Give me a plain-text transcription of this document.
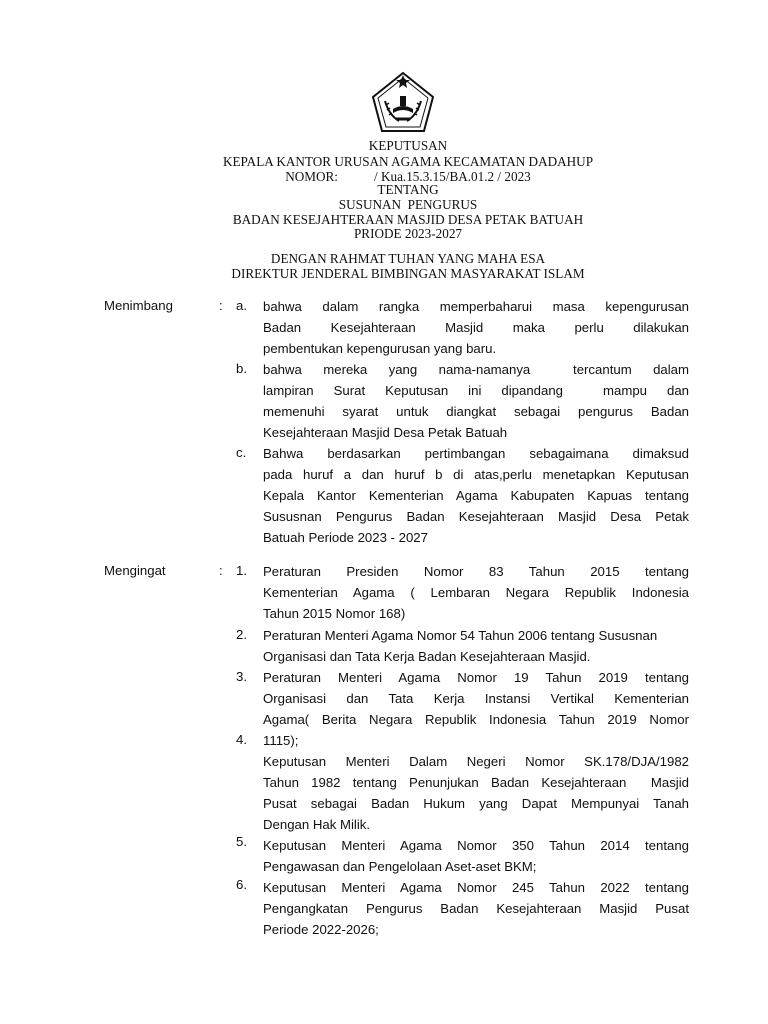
KEPUTUSAN
KEPALA KANTOR URUSAN AGAMA KECAMATAN DADAHUP
NOMOR:	/ Kua.15.3.15/BA.01.2 / 2023
TENTANG
SUSUNAN  PENGURUS
BADAN KESEJAHTERAAN MASJID DESA PETAK BATUAH
PRIODE 2023-2027
DENGAN RAHMAT TUHAN YANG MAHA ESA
DIREKTUR JENDERAL BIMBINGAN MASYARAKAT ISLAM
Menimbang	: a. bahwa dalam rangka memperbaharui masa kepengurusan
Badan Kesejahteraan Masjid maka perlu dilakukan
pembentukan kepengurusan yang baru.
b. bahwa mereka yang nama-namanya  tercantum dalam
lampiran Surat Keputusan ini dipandang  mampu dan
memenuhi syarat untuk diangkat sebagai pengurus Badan
Kesejahteraan Masjid Desa Petak Batuah
c. Bahwa berdasarkan pertimbangan sebagaimana dimaksud
pada huruf a dan huruf b di atas,perlu menetapkan Keputusan
Kepala Kantor Kementerian Agama Kabupaten Kapuas tentang
Sususnan Pengurus Badan Kesejahteraan Masjid Desa Petak
Batuah Periode 2023 - 2027
Mengingat	: 1. Peraturan Presiden Nomor 83 Tahun 2015 tentang
Kementerian Agama ( Lembaran Negara Republik Indonesia
Tahun 2015 Nomor 168)
2. Peraturan Menteri Agama Nomor 54 Tahun 2006 tentang Sususnan
Organisasi dan Tata Kerja Badan Kesejahteraan Masjid.
3. Peraturan Menteri Agama Nomor 19 Tahun 2019 tentang
Organisasi dan Tata Kerja Instansi Vertikal Kementerian
Agama( Berita Negara Republik Indonesia Tahun 2019 Nomor
1115);
4.
Keputusan Menteri Dalam Negeri Nomor SK.178/DJA/1982
Tahun 1982 tentang Penunjukan Badan Kesejahteraan  Masjid
Pusat sebagai Badan Hukum yang Dapat Mempunyai Tanah
Dengan Hak Milik.
5. Keputusan Menteri Agama Nomor 350 Tahun 2014 tentang
Pengawasan dan Pengelolaan Aset-aset BKM;
6. Keputusan Menteri Agama Nomor 245 Tahun 2022 tentang
Pengangkatan Pengurus Badan Kesejahteraan Masjid Pusat
Periode 2022-2026;
